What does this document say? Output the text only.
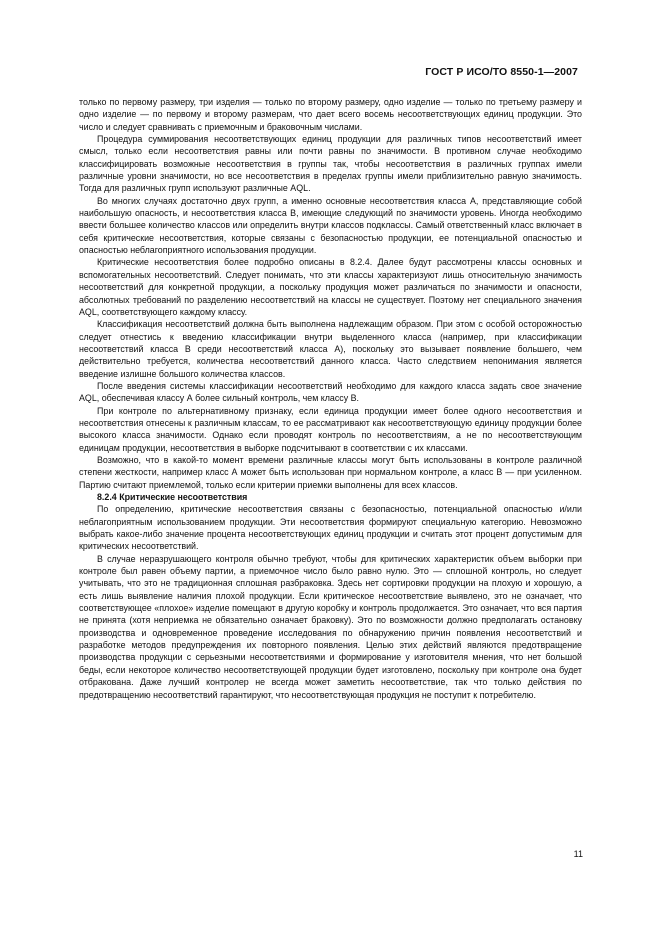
ГОСТ Р ИСО/ТО 8550-1—2007

только по первому размеру, три изделия — только по второму размеру, одно изделие — только по третьему размеру и одно изделие — по первому и второму размерам, что дает всего восемь несоответствующих единиц продукции. Это число и следует сравнивать с приемочным и браковочным числами.

Процедура суммирования несоответствующих единиц продукции для различных типов несоответствий имеет смысл, только если несоответствия равны или почти равны по значимости. В противном случае необходимо классифицировать возможные несоответствия в группы так, чтобы несоответствия в различных группах имели различные уровни значимости, но все несоответствия в пределах группы имели приблизительно равную значимость. Тогда для различных групп используют различные AQL.

Во многих случаях достаточно двух групп, а именно основные несоответствия класса А, представляющие собой наибольшую опасность, и несоответствия класса В, имеющие следующий по значимости уровень. Иногда необходимо ввести большее количество классов или определить внутри классов подклассы. Самый ответственный класс включает в себя критические несоответствия, которые связаны с безопасностью продукции, ее потенциальной опасностью и опасностью неблагоприятного использования продукции.

Критические несоответствия более подробно описаны в 8.2.4. Далее будут рассмотрены классы основных и вспомогательных несоответствий. Следует понимать, что эти классы характеризуют лишь относительную значимость несоответствий для конкретной продукции, а поскольку продукция может различаться по значимости и опасности, абсолютных требований по разделению несоответствий на классы не существует. Поэтому нет специального значения AQL, соответствующего каждому классу.

Классификация несоответствий должна быть выполнена надлежащим образом. При этом с особой осторожностью следует отнестись к введению классификации внутри выделенного класса (например, при классификации несоответствий класса В среди несоответствий класса А), поскольку это вызывает появление большего, чем действительно требуется, количества несоответствий данного класса. Часто следствием непонимания является введение излишне большого количества классов.

После введения системы классификации несоответствий необходимо для каждого класса задать свое значение AQL, обеспечивая классу А более сильный контроль, чем классу В.

При контроле по альтернативному признаку, если единица продукции имеет более одного несоответствия и несоответствия отнесены к различным классам, то ее рассматривают как несоответствующую единицу продукции более высокого класса значимости. Однако если проводят контроль по несоответствиям, а не по несоответствующим единицам продукции, несоответствия в выборке подсчитывают в соответствии с их классами.

Возможно, что в какой-то момент времени различные классы могут быть использованы в контроле различной степени жесткости, например класс А может быть использован при нормальном контроле, а класс В — при усиленном. Партию считают приемлемой, только если критерии приемки выполнены для всех классов.

8.2.4 Критические несоответствия

По определению, критические несоответствия связаны с безопасностью, потенциальной опасностью и/или неблагоприятным использованием продукции. Эти несоответствия формируют специальную категорию. Невозможно выбрать какое-либо значение процента несоответствующих единиц продукции и считать этот процент допустимым для критических несоответствий.

В случае неразрушающего контроля обычно требуют, чтобы для критических характеристик объем выборки при контроле был равен объему партии, а приемочное число было равно нулю. Это — сплошной контроль, но следует учитывать, что это не традиционная сплошная разбраковка. Здесь нет сортировки продукции на плохую и хорошую, а есть лишь выявление наличия плохой продукции. Если критическое несоответствие выявлено, это не означает, что соответствующее «плохое» изделие помещают в другую коробку и контроль продолжается. Это означает, что вся партия не принята (хотя неприемка не обязательно означает браковку). Это по возможности должно предполагать остановку производства и одновременное проведение исследования по обнаружению причин появления несоответствий и разработке методов предупреждения их повторного появления. Целью этих действий являются предотвращение производства продукции с серьезными несоответствиями и формирование у изготовителя мнения, что нет большой беды, если некоторое количество несоответствующей продукции будет изготовлено, поскольку при контроле она будет отбракована. Даже лучший контролер не всегда может заметить несоответствие, так что только действия по предотвращению несоответствий гарантируют, что несоответствующая продукция не поступит к потребителю.

11
